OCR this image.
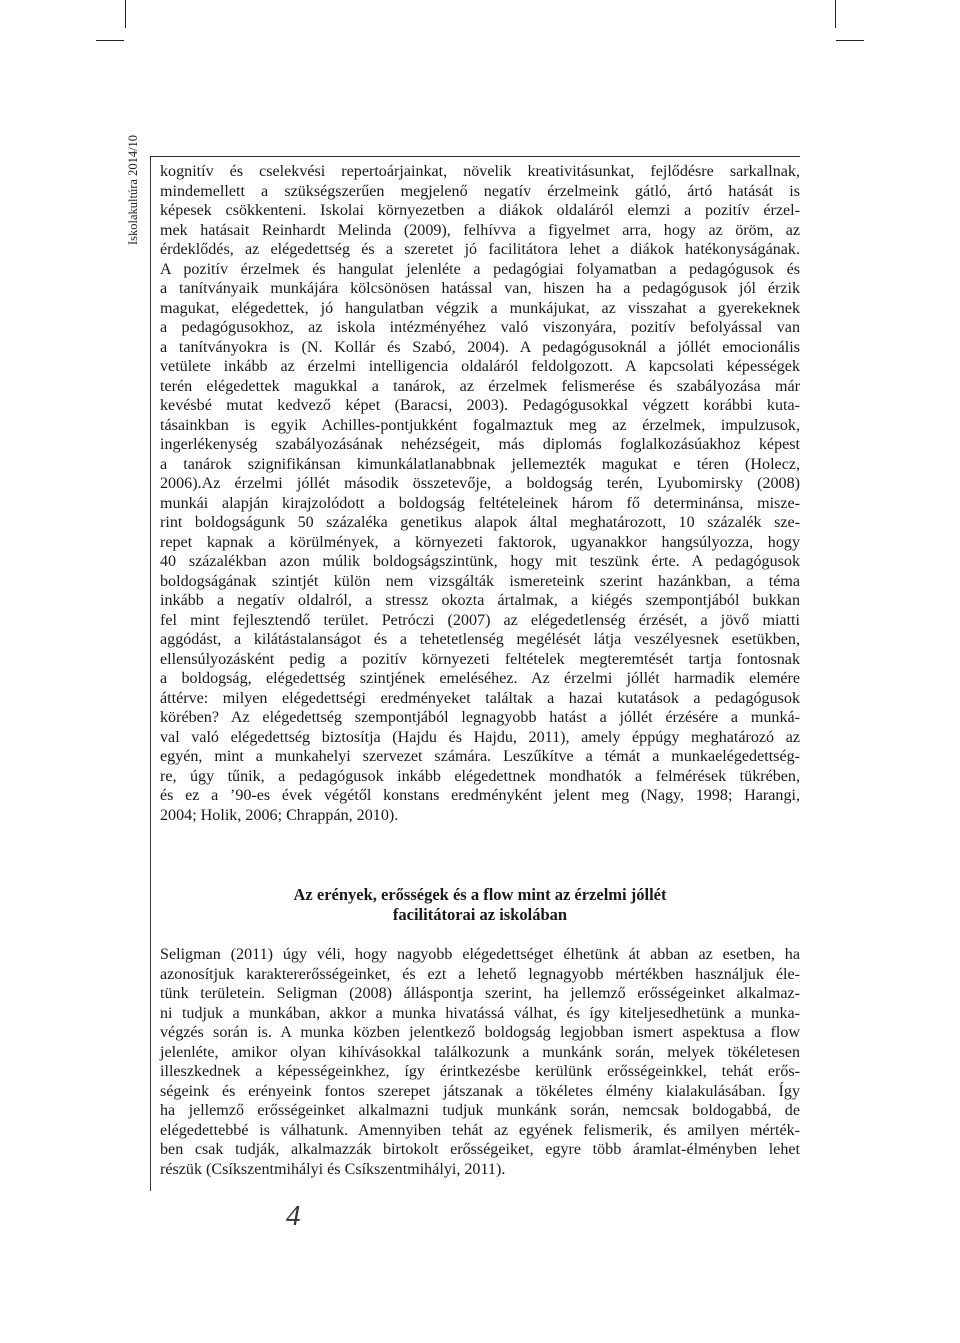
Iskolakultúra 2014/10 kognitív és cselekvési repertoárjainkat, növelik kreativitásunkat, fejlődésre sarkallnak,
mindemellett a szükségszerűen megjelenő negatív érzelmeink gátló, ártó hatását is
képesek csökkenteni. Iskolai környezetben a diákok oldaláról elemzi a pozitív érzel-
mek hatásait Reinhardt Melinda (2009), felhívva a figyelmet arra, hogy az öröm, az
érdeklődés, az elégedettség és a szeretet jó facilitátora lehet a diákok hatékonyságának.
A pozitív érzelmek és hangulat jelenléte a pedagógiai folyamatban a pedagógusok és
a tanítványaik munkájára kölcsönösen hatással van, hiszen ha a pedagógusok jól érzik
magukat, elégedettek, jó hangulatban végzik a munkájukat, az visszahat a gyerekeknek
a pedagógusokhoz, az iskola intézményéhez való viszonyára, pozitív befolyással van
a tanítványokra is (N. Kollár és Szabó, 2004). A pedagógusoknál a jóllét emocionális
vetülete inkább az érzelmi intelligencia oldaláról feldolgozott. A kapcsolati képességek
terén elégedettek magukkal a tanárok, az érzelmek felismerése és szabályozása már
kevésbé mutat kedvező képet (Baracsi, 2003). Pedagógusokkal végzett korábbi kuta-
tásainkban is egyik Achilles-pontjukként fogalmaztuk meg az érzelmek, impulzusok,
ingerlékenység szabályozásának nehézségeit, más diplomás foglalkozásúakhoz képest
a tanárok szignifikánsan kimunkálatlanabbnak jellemezték magukat e téren (Holecz,
2006).Az érzelmi jóllét második összetevője, a boldogság terén, Lyubomirsky (2008)
munkái alapján kirajzolódott a boldogság feltételeinek három fő determinánsa, miszе-
rint boldogságunk 50 százaléka genetikus alapok által meghatározott, 10 százalék sze-
repet kapnak a körülmények, a környezeti faktorok, ugyanakkor hangsúlyozza, hogy
40 százalékban azon múlik boldogságszintünk, hogy mit teszünk érte. A pedagógusok
boldogságának szintjét külön nem vizsgálták ismereteink szerint hazánkban, a téma
inkább a negatív oldalról, a stressz okozta ártalmak, a kiégés szempontjából bukkan
fel mint fejlesztendő terület. Petróczi (2007) az elégedetlenség érzését, a jövő miatti
aggódást, a kilátástalanságot és a tehetetlenség megélését látja veszélyesnek esetükben,
ellensúlyozásként pedig a pozitív környezeti feltételek megteremtését tartja fontosnak
a boldogság, elégedettség szintjének emeléséhez. Az érzelmi jóllét harmadik elemére
áttérve: milyen elégedettségi eredményeket találtak a hazai kutatások a pedagógusok
körében? Az elégedettség szempontjából legnagyobb hatást a jóllét érzésére a munká-
val való elégedettség biztosítja (Hajdu és Hajdu, 2011), amely éppúgy meghatározó az
egyén, mint a munkahelyi szervezet számára. Leszűkítve a témát a munkaelégedettség-
re, úgy tűnik, a pedagógusok inkább elégedettnek mondhatók a felmérések tükrében,
és ez a ’90-es évek végétől konstans eredményként jelent meg (Nagy, 1998; Harangi,
2004; Holik, 2006; Chrappán, 2010).

Az erények, erősségek és a flow mint az érzelmi jóllét
facilitátorai az iskolában

Seligman (2011) úgy véli, hogy nagyobb elégedettséget élhetünk át abban az esetben, ha
azonosítjuk karaktererősségeinket, és ezt a lehető legnagyobb mértékben használjuk éle-
tünk területein. Seligman (2008) álláspontja szerint, ha jellemző erősségeinket alkalmaz-
ni tudjuk a munkában, akkor a munka hivatássá válhat, és így kiteljesedhetünk a munka-
végzés során is. A munka közben jelentkező boldogság legjobban ismert aspektusa a flow
jelenléte, amikor olyan kihívásokkal találkozunk a munkánk során, melyek tökéletesen
illeszkednek a képességeinkhez, így érintkezésbe kerülünk erősségeinkkel, tehát erős-
ségeink és erényeink fontos szerepet játszanak a tökéletes élmény kialakulásában. Így
ha jellemző erősségeinket alkalmazni tudjuk munkánk során, nemcsak boldogabbá, de
elégedettebbé is válhatunk. Amennyiben tehát az egyének felismerik, és amilyen mérték-
ben csak tudják, alkalmazzák birtokolt erősségeiket, egyre több áramlat-élményben lehet
részük (Csíkszentmihályi és Csíkszentmihályi, 2011).

4
